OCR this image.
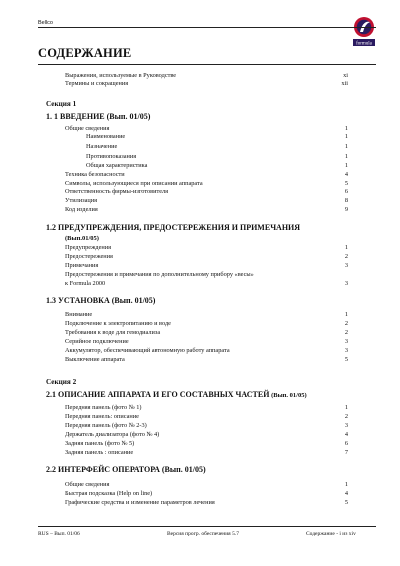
Bellco
formula
СОДЕРЖАНИЕ
Выражения, используемые в Руководстве	xi
Термины и сокращения	xii
Секция 1
1. 1 ВВЕДЕНИЕ (Вып. 01/05)
Общие сведения	1
Наименование	1
Назначение	1
Противопоказания	1
Общая характеристика	1
Техника безопасности	4
Символы, использующиеся при описании аппарата	5
Ответственность фирмы-изготовителя	6
Утилизация	8
Код изделия	9
1.2 ПРЕДУПРЕЖДЕНИЯ, ПРЕДОСТЕРЕЖЕНИЯ И ПРИМЕЧАНИЯ
(Вып.01/05)
Предупреждения	1
Предостережения	2
Примечания	3
Предостережения и примечания по дополнительному прибору «весы»
к Formula 2000	3
1.3 УСТАНОВКА (Вып. 01/05)
Внимание	1
Подключение к электропитанию и воде	2
Требования к воде для гемодиализа	2
Серийное подключение	3
Аккумулятор, обеспечивающий автономную работу аппарата	3
Выключение аппарата	5
Секция 2
2.1 ОПИСАНИЕ АППАРАТА И ЕГО СОСТАВНЫХ ЧАСТЕЙ (Вып. 01/05)
Передняя панель (фото № 1)	1
Передняя панель: описание	2
Передняя панель (фото № 2-3)	3
Держатель диализатора (фото № 4)	4
Задняя панель (фото № 5)	6
Задняя панель : описание	7
2.2 ИНТЕРФЕЙС ОПЕРАТОРА (Вып. 01/05)
Общие сведения	1
Быстрая подсказка (Help on line)	4
Графические средства и изменение параметров лечения	5
RUS – Вып. 01/06	Версия прогр. обеспечения 5.7	Содержание - i из xiv
